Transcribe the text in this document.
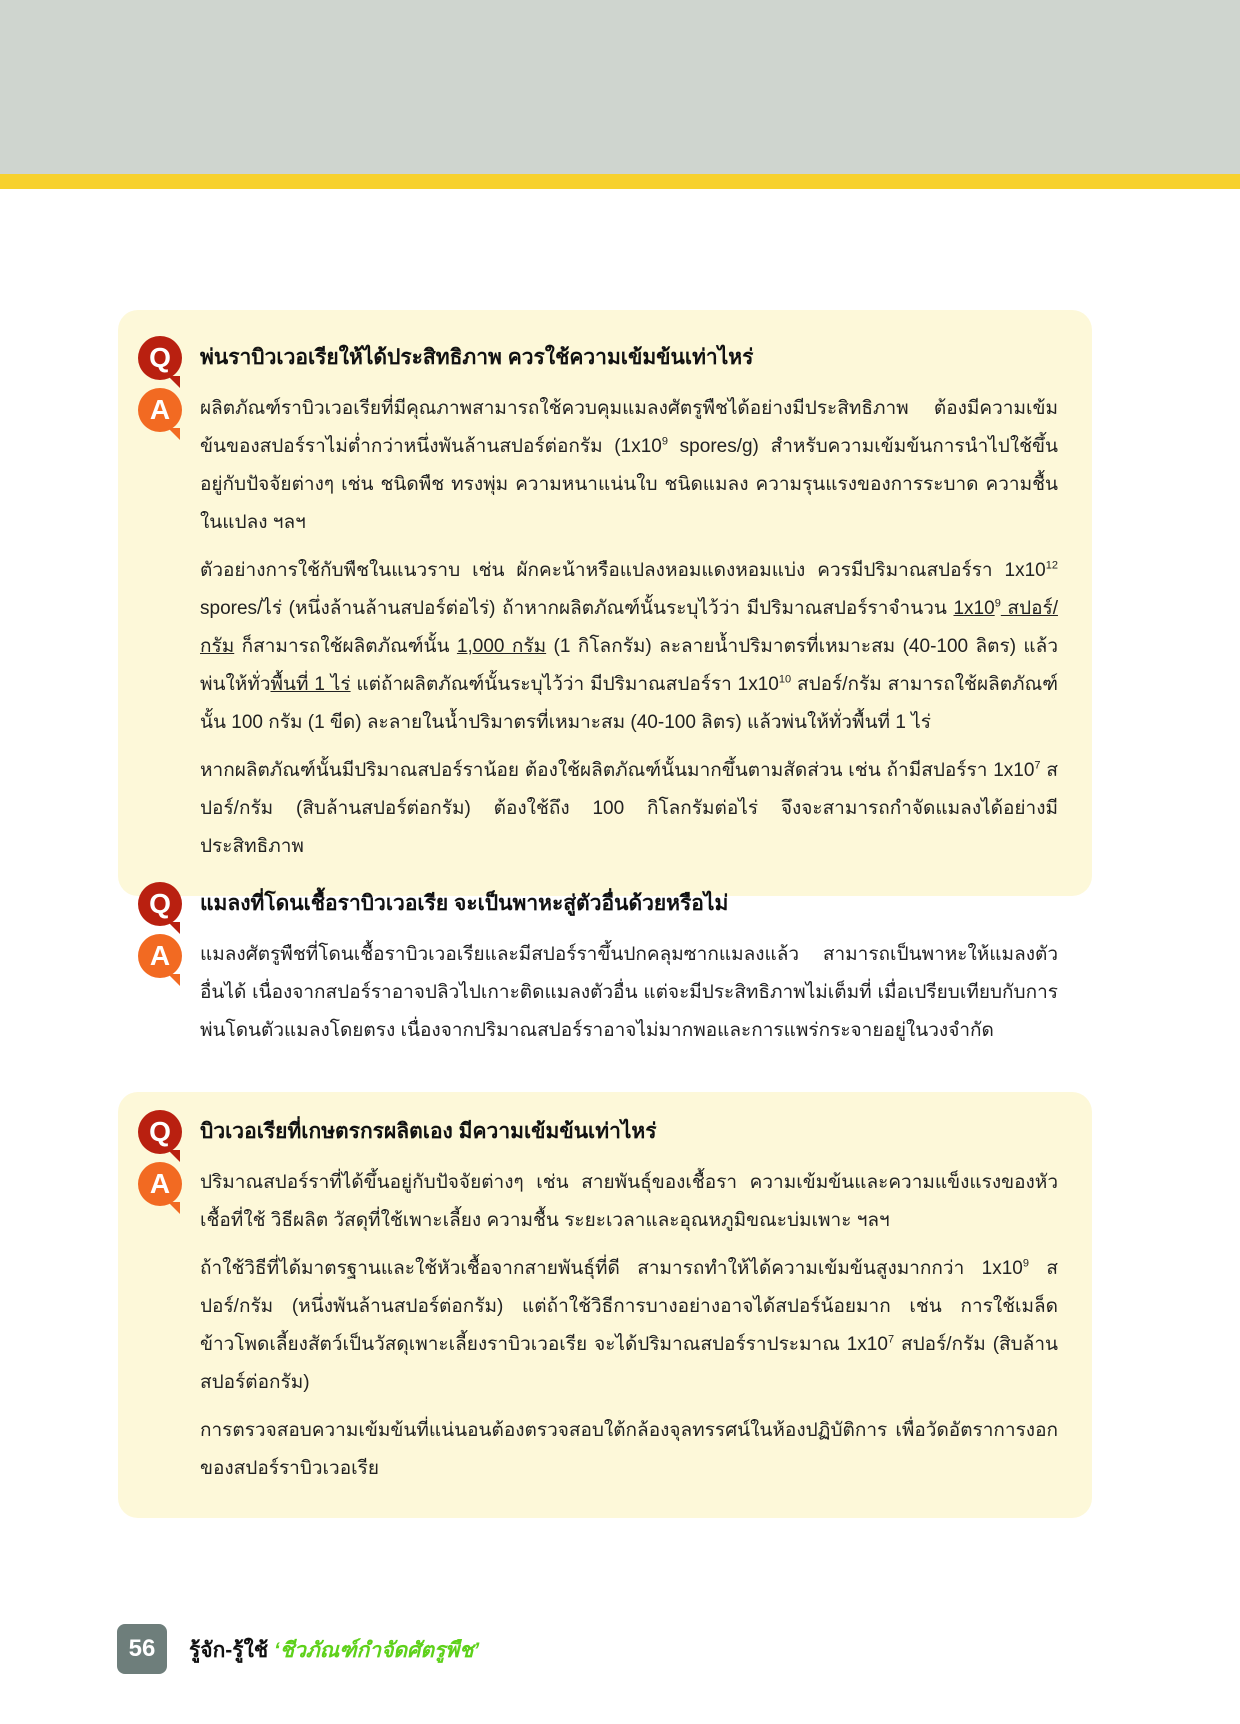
Q	พ่นราบิวเวอเรียให้ได้ประสิทธิภาพ ควรใช้ความเข้มข้นเท่าไหร่
A	ผลิตภัณฑ์ราบิวเวอเรียที่มีคุณภาพสามารถใช้ควบคุมแมลงศัตรูพืชได้อย่างมีประสิทธิภาพ ต้องมีความเข้มข้นของสปอร์ราไม่ต่ำกว่าหนึ่งพันล้านสปอร์ต่อกรัม ($1x10^9$ spores/g) สำหรับความเข้มข้นการนำไปใช้ขึ้นอยู่กับปัจจัยต่างๆ เช่น ชนิดพืช ทรงพุ่ม ความหนาแน่นใบ ชนิดแมลง ความรุนแรงของการระบาด ความชื้นในแปลง ฯลฯ

ตัวอย่างการใช้กับพืชในแนวราบ เช่น ผักคะน้าหรือแปลงหอมแดงหอมแบ่ง ควรมีปริมาณสปอร์รา $1x10^{12}$ spores/ไร่ (หนึ่งล้านล้านสปอร์ต่อไร่) ถ้าหากผลิตภัณฑ์นั้นระบุไว้ว่า มีปริมาณสปอร์ราจำนวน $1x10^9$ สปอร์/กรัม ก็สามารถใช้ผลิตภัณฑ์นั้น 1,000 กรัม (1 กิโลกรัม) ละลายน้ำปริมาตรที่เหมาะสม (40-100 ลิตร) แล้วพ่นให้ทั่วพื้นที่ 1 ไร่ แต่ถ้าผลิตภัณฑ์นั้นระบุไว้ว่า มีปริมาณสปอร์รา $1x10^{10}$ สปอร์/กรัม สามารถใช้ผลิตภัณฑ์นั้น 100 กรัม (1 ขีด) ละลายในน้ำปริมาตรที่เหมาะสม (40-100 ลิตร) แล้วพ่นให้ทั่วพื้นที่ 1 ไร่

หากผลิตภัณฑ์นั้นมีปริมาณสปอร์ราน้อย ต้องใช้ผลิตภัณฑ์นั้นมากขึ้นตามสัดส่วน เช่น ถ้ามีสปอร์รา $1x10^7$ สปอร์/กรัม (สิบล้านสปอร์ต่อกรัม) ต้องใช้ถึง 100 กิโลกรัมต่อไร่ จึงจะสามารถกำจัดแมลงได้อย่างมีประสิทธิภาพ

Q	แมลงที่โดนเชื้อราบิวเวอเรีย จะเป็นพาหะสู่ตัวอื่นด้วยหรือไม่
A	แมลงศัตรูพืชที่โดนเชื้อราบิวเวอเรียและมีสปอร์ราขึ้นปกคลุมซากแมลงแล้ว สามารถเป็นพาหะให้แมลงตัวอื่นได้ เนื่องจากสปอร์ราอาจปลิวไปเกาะติดแมลงตัวอื่น แต่จะมีประสิทธิภาพไม่เต็มที่ เมื่อเปรียบเทียบกับการพ่นโดนตัวแมลงโดยตรง เนื่องจากปริมาณสปอร์ราอาจไม่มากพอและการแพร่กระจายอยู่ในวงจำกัด

Q	บิวเวอเรียที่เกษตรกรผลิตเอง มีความเข้มข้นเท่าไหร่
A	ปริมาณสปอร์ราที่ได้ขึ้นอยู่กับปัจจัยต่างๆ เช่น สายพันธุ์ของเชื้อรา ความเข้มข้นและความแข็งแรงของหัวเชื้อที่ใช้ วิธีผลิต วัสดุที่ใช้เพาะเลี้ยง ความชื้น ระยะเวลาและอุณหภูมิขณะบ่มเพาะ ฯลฯ

ถ้าใช้วิธีที่ได้มาตรฐานและใช้หัวเชื้อจากสายพันธุ์ที่ดี สามารถทำให้ได้ความเข้มข้นสูงมากกว่า $1x10^9$ สปอร์/กรัม (หนึ่งพันล้านสปอร์ต่อกรัม) แต่ถ้าใช้วิธีการบางอย่างอาจได้สปอร์น้อยมาก เช่น การใช้เมล็ดข้าวโพดเลี้ยงสัตว์เป็นวัสดุเพาะเลี้ยงราบิวเวอเรีย จะได้ปริมาณสปอร์ราประมาณ $1x10^7$ สปอร์/กรัม (สิบล้านสปอร์ต่อกรัม)

การตรวจสอบความเข้มข้นที่แน่นอนต้องตรวจสอบใต้กล้องจุลทรรศน์ในห้องปฏิบัติการ เพื่อวัดอัตราการงอกของสปอร์ราบิวเวอเรีย

56	รู้จัก-รู้ใช้ ‘ชีวภัณฑ์กำจัดศัตรูพืช’
